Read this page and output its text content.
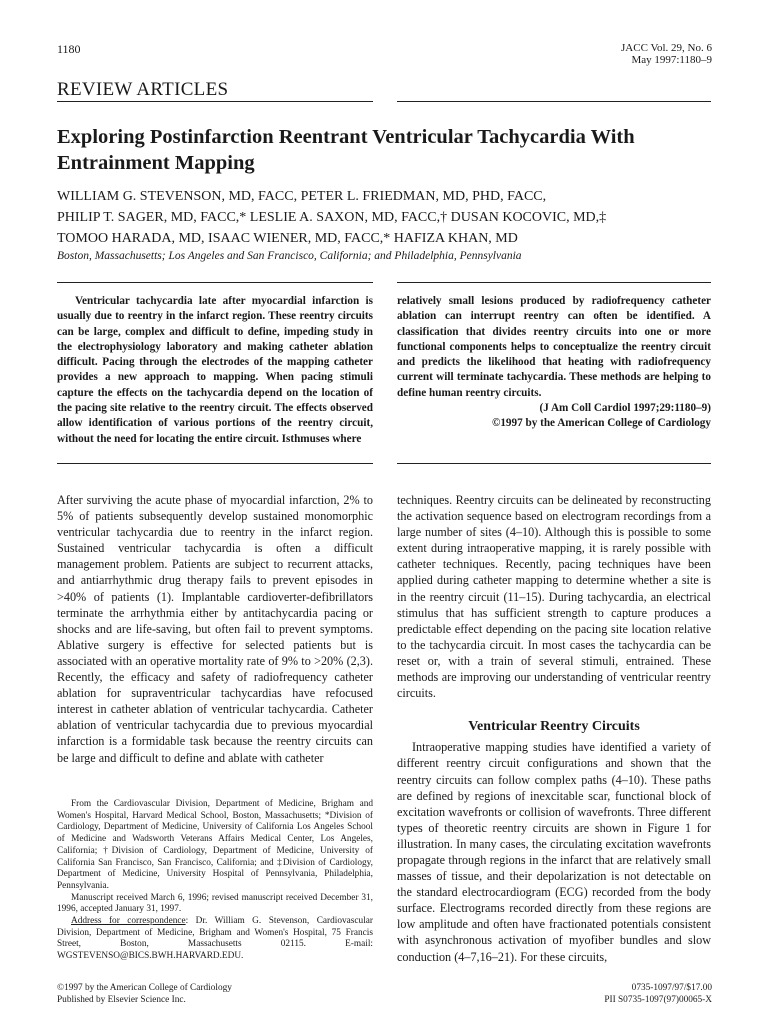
1180	JACC Vol. 29, No. 6
May 1997:1180–9
REVIEW ARTICLES
Exploring Postinfarction Reentrant Ventricular Tachycardia With Entrainment Mapping
WILLIAM G. STEVENSON, MD, FACC, PETER L. FRIEDMAN, MD, PHD, FACC,
PHILIP T. SAGER, MD, FACC,* LESLIE A. SAXON, MD, FACC,† DUSAN KOCOVIC, MD,‡
TOMOO HARADA, MD, ISAAC WIENER, MD, FACC,* HAFIZA KHAN, MD
Boston, Massachusetts; Los Angeles and San Francisco, California; and Philadelphia, Pennsylvania

Ventricular tachycardia late after myocardial infarction is usually due to reentry in the infarct region. These reentry circuits can be large, complex and difficult to define, impeding study in the electrophysiology laboratory and making catheter ablation difficult. Pacing through the electrodes of the mapping catheter provides a new approach to mapping. When pacing stimuli capture the effects on the tachycardia depend on the location of the pacing site relative to the reentry circuit. The effects observed allow identification of various portions of the reentry circuit, without the need for locating the entire circuit. Isthmuses where

relatively small lesions produced by radiofrequency catheter ablation can interrupt reentry can often be identified. A classification that divides reentry circuits into one or more functional components helps to conceptualize the reentry circuit and predicts the likelihood that heating with radiofrequency current will terminate tachycardia. These methods are helping to define human reentry circuits.

(J Am Coll Cardiol 1997;29:1180–9)
©1997 by the American College of Cardiology

After surviving the acute phase of myocardial infarction, 2% to 5% of patients subsequently develop sustained monomorphic ventricular tachycardia due to reentry in the infarct region. Sustained ventricular tachycardia is often a difficult management problem. Patients are subject to recurrent attacks, and antiarrhythmic drug therapy fails to prevent episodes in >40% of patients (1). Implantable cardioverter-defibrillators terminate the arrhythmia either by antitachycardia pacing or shocks and are life-saving, but often fail to prevent symptoms. Ablative surgery is effective for selected patients but is associated with an operative mortality rate of 9% to >20% (2,3). Recently, the efficacy and safety of radiofrequency catheter ablation for supraventricular tachycardias have refocused interest in catheter ablation of ventricular tachycardia. Catheter ablation of ventricular tachycardia due to previous myocardial infarction is a formidable task because the reentry circuits can be large and difficult to define and ablate with catheter

techniques. Reentry circuits can be delineated by reconstructing the activation sequence based on electrogram recordings from a large number of sites (4–10). Although this is possible to some extent during intraoperative mapping, it is rarely possible with catheter techniques. Recently, pacing techniques have been applied during catheter mapping to determine whether a site is in the reentry circuit (11–15). During tachycardia, an electrical stimulus that has sufficient strength to capture produces a predictable effect depending on the pacing site location relative to the tachycardia circuit. In most cases the tachycardia can be reset or, with a train of several stimuli, entrained. These methods are improving our understanding of ventricular reentry circuits.

Ventricular Reentry Circuits

Intraoperative mapping studies have identified a variety of different reentry circuit configurations and shown that the reentry circuits can follow complex paths (4–10). These paths are defined by regions of inexcitable scar, functional block of excitation wavefronts or collision of wavefronts. Three different types of theoretic reentry circuits are shown in Figure 1 for illustration. In many cases, the circulating excitation wavefronts propagate through regions in the infarct that are relatively small masses of tissue, and their depolarization is not detectable on the standard electrocardiogram (ECG) recorded from the body surface. Electrograms recorded directly from these regions are low amplitude and often have fractionated potentials consistent with asynchronous activation of myofiber bundles and slow conduction (4–7,16–21). For these circuits,

From the Cardiovascular Division, Department of Medicine, Brigham and Women's Hospital, Harvard Medical School, Boston, Massachusetts; *Division of Cardiology, Department of Medicine, University of California Los Angeles School of Medicine and Wadsworth Veterans Affairs Medical Center, Los Angeles, California; †Division of Cardiology, Department of Medicine, University of California San Francisco, San Francisco, California; and ‡Division of Cardiology, Department of Medicine, University Hospital of Pennsylvania, Philadelphia, Pennsylvania.

Manuscript received March 6, 1996; revised manuscript received December 31, 1996, accepted January 31, 1997.

Address for correspondence: Dr. William G. Stevenson, Cardiovascular Division, Department of Medicine, Brigham and Women's Hospital, 75 Francis Street, Boston, Massachusetts 02115. E-mail: WGSTEVENSO@BICS.BWH.HARVARD.EDU.

©1997 by the American College of Cardiology
Published by Elsevier Science Inc.
0735-1097/97/$17.00
PII S0735-1097(97)00065-X
